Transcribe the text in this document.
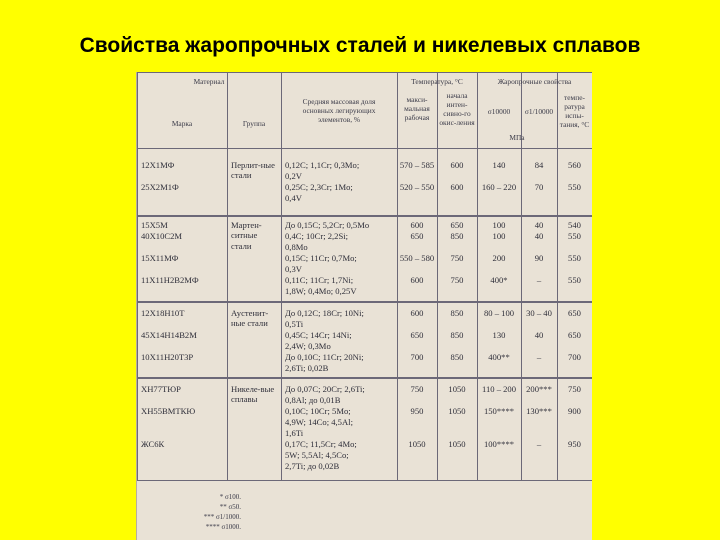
Свойства жаропрочных сталей и никелевых сплавов
Материал
Марка	Группа
Средняя массовая доля основных легирующих элементов, %
Температура, °С
макси-мальная рабочая
начала интен-сивно-го окис-ления
Жаропрочные свойства
σ10000	σ1/10000
темпе-ратура испы-тания, °С
МПа
12Х1МФ
25Х2М1Ф
Перлит-ные стали
0,12C; 1,1Cr; 0,3Mo;
0,2V
0,25C; 2,3Cr; 1Mo;
0,4V
570 – 585
520 – 550
600
600
140
160 – 220
84
70
560
550
15Х5М
40Х10С2М
15Х11МФ
11Х11Н2В2МФ
Мартен-ситные стали
До 0,15C; 5,2Cr; 0,5Mo
0,4C; 10Cr; 2,2Si;
0,8Mo
0,15C; 11Cr; 0,7Mo;
0,3V
0,11C; 11Cr; 1,7Ni;
1,8W; 0,4Mo; 0,25V
600
650
550 – 580
600
650
850
750
750
100
100
200
400*
40
40
90
–
540
550
550
550
12Х18Н10Т
45Х14Н14В2М
10Х11Н20Т3Р
Аустенит-ные стали
До 0,12C; 18Cr; 10Ni;
0,5Ti
0,45C; 14Cr; 14Ni;
2,4W; 0,3Mo
До 0,10C; 11Cr; 20Ni;
2,6Ti; 0,02B
600
650
700
850
850
850
80 – 100
130
400**
30 – 40
40
–
650
650
700
ХН77ТЮР
ХН55ВМТКЮ
ЖС6К
Никеле-вые сплавы
До 0,07C; 20Cr; 2,6Ti;
0,8Al; до 0,01B
0,10C; 10Cr; 5Mo;
4,9W; 14Co; 4,5Al;
1,6Ti
0,17C; 11,5Cr; 4Mo;
5W; 5,5Al; 4,5Co;
2,7Ti; до 0,02B
750
950
1050
1050
1050
1050
110 – 200
150****
100****
200***
130***
–
750
900
950
* σ100.
** σ50.
*** σ1/1000.
**** σ1000.
